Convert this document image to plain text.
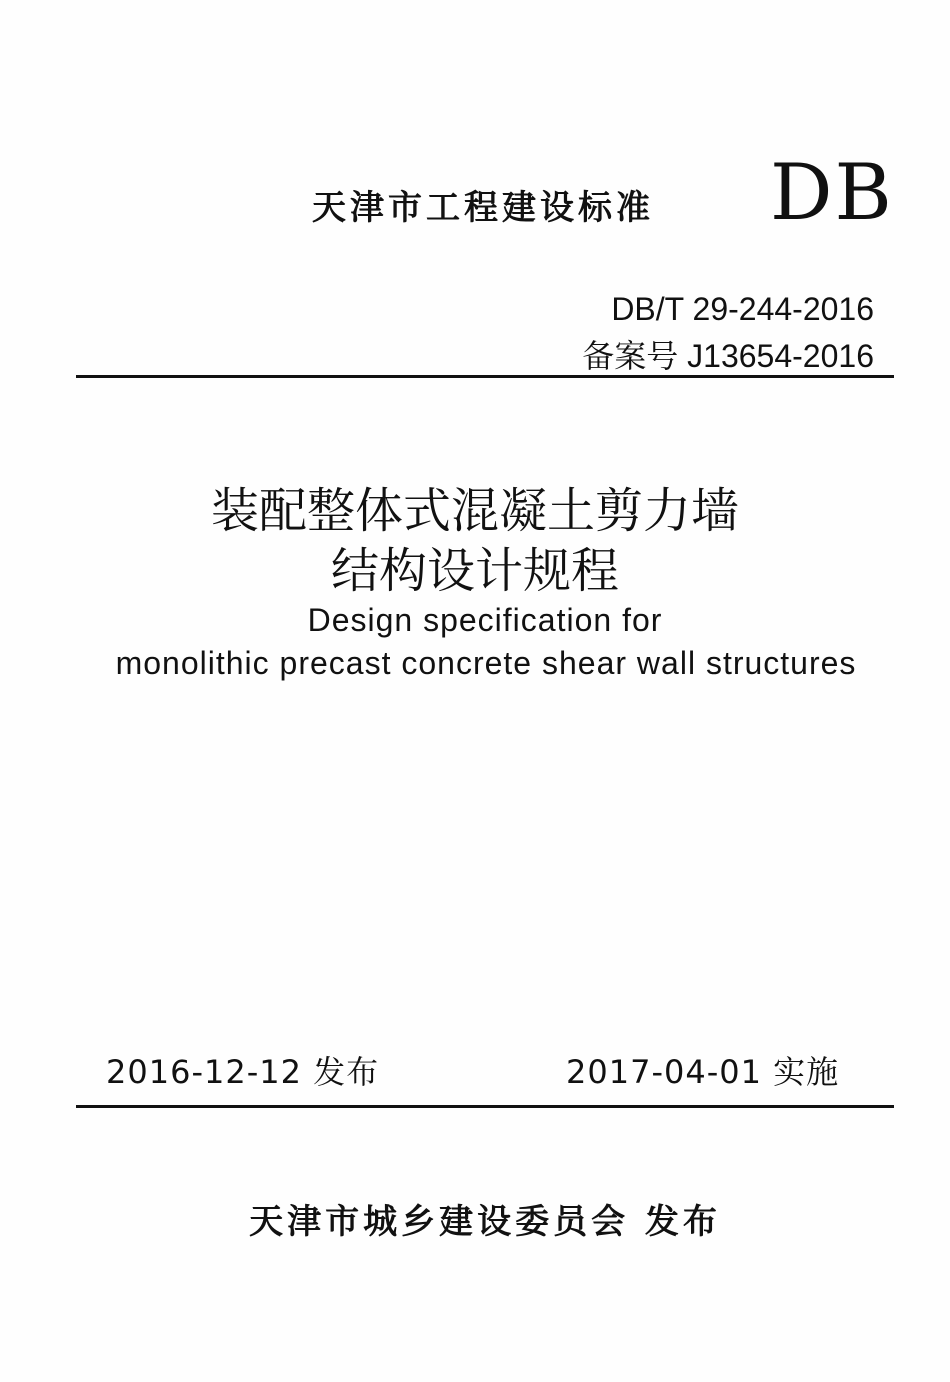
天津市工程建设标准 DB
DB/T 29-244-2016
备案号 J13654-2016
装配整体式混凝土剪力墙
结构设计规程
Design specification for
monolithic precast concrete shear wall structures
2016-12-12 发布	2017-04-01 实施
天津市城乡建设委员会 发布
